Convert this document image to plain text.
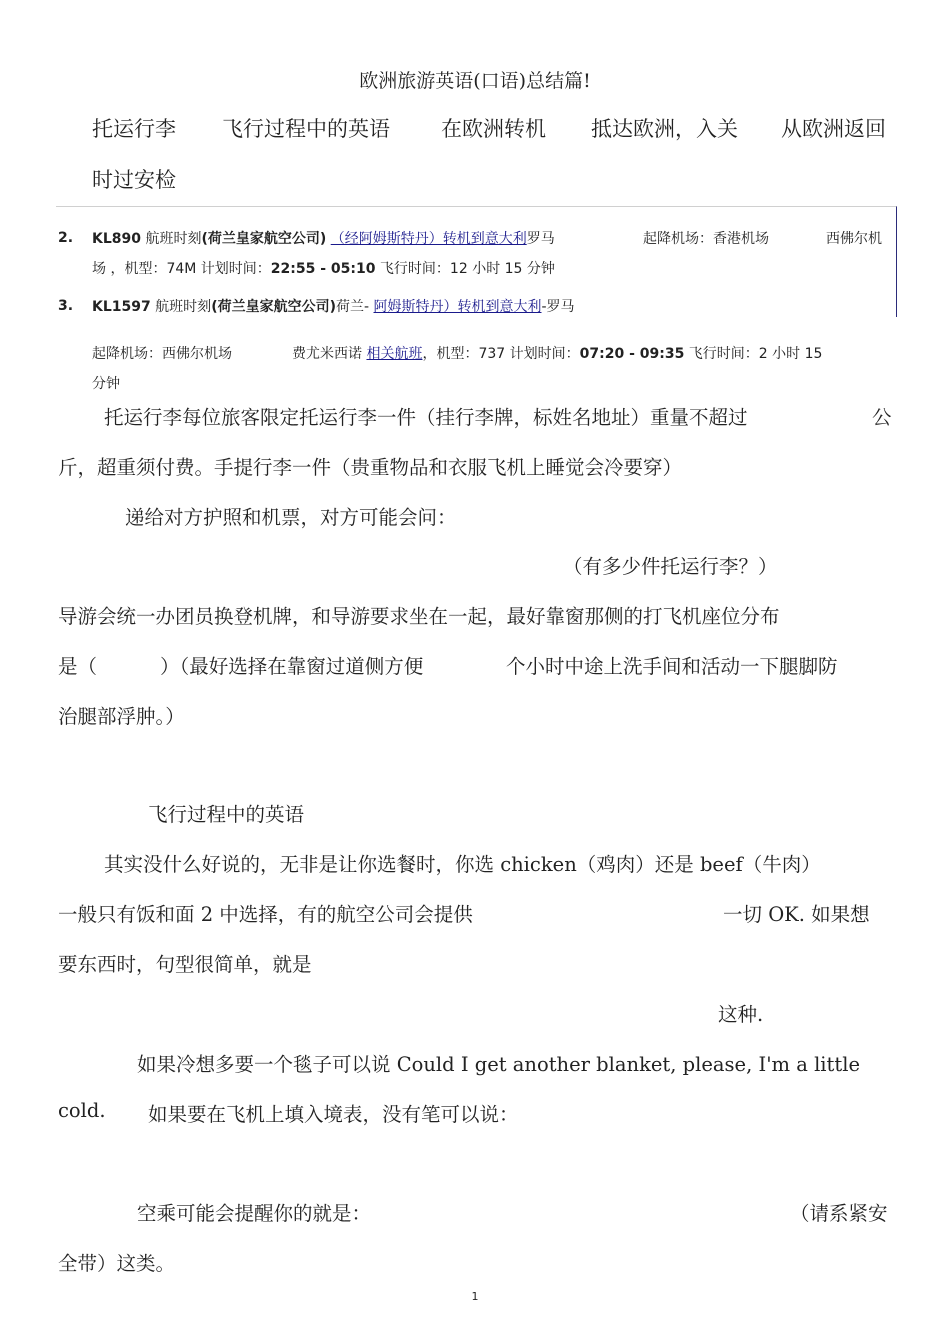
欧洲旅游英语(口语)总结篇!
托运行李 飞行过程中的英语 在欧洲转机 抵达欧洲，入关 从欧洲返回
时过安检
2. KL890 航班时刻(荷兰皇家航空公司) （经阿姆斯特丹）转机到意大利罗马	起降机场：香港机场	西佛尔机
场 ，机型：74M 计划时间：22:55 - 05:10 飞行时间：12 小时 15 分钟
3. KL1597 航班时刻(荷兰皇家航空公司)荷兰- 阿姆斯特丹）转机到意大利-罗马
起降机场：西佛尔机场	费尤米西诺 相关航班，机型：737 计划时间：07:20 - 09:35 飞行时间：2 小时 15
分钟
托运行李每位旅客限定托运行李一件（挂行李牌，标姓名地址）重量不超过	公
斤，超重须付费。手提行李一件（贵重物品和衣服飞机上睡觉会冷要穿）
递给对方护照和机票，对方可能会问：
（有多少件托运行李？）
导游会统一办团员换登机牌，和导游要求坐在一起，最好靠窗那侧的打飞机座位分布
是（	）（最好选择在靠窗过道侧方便	个小时中途上洗手间和活动一下腿脚防
治腿部浮肿。）
飞行过程中的英语
其实没什么好说的，无非是让你选餐时，你选 chicken（鸡肉）还是 beef（牛肉）
一般只有饭和面 2 中选择，有的航空公司会提供	一切 OK. 如果想
要东西时，句型很简单，就是
这种.
如果冷想多要一个毯子可以说 Could I get another blanket, please, I'm a little
cold. 如果要在飞机上填入境表，没有笔可以说：
空乘可能会提醒你的就是：	（请系紧安
全带）这类。
1
